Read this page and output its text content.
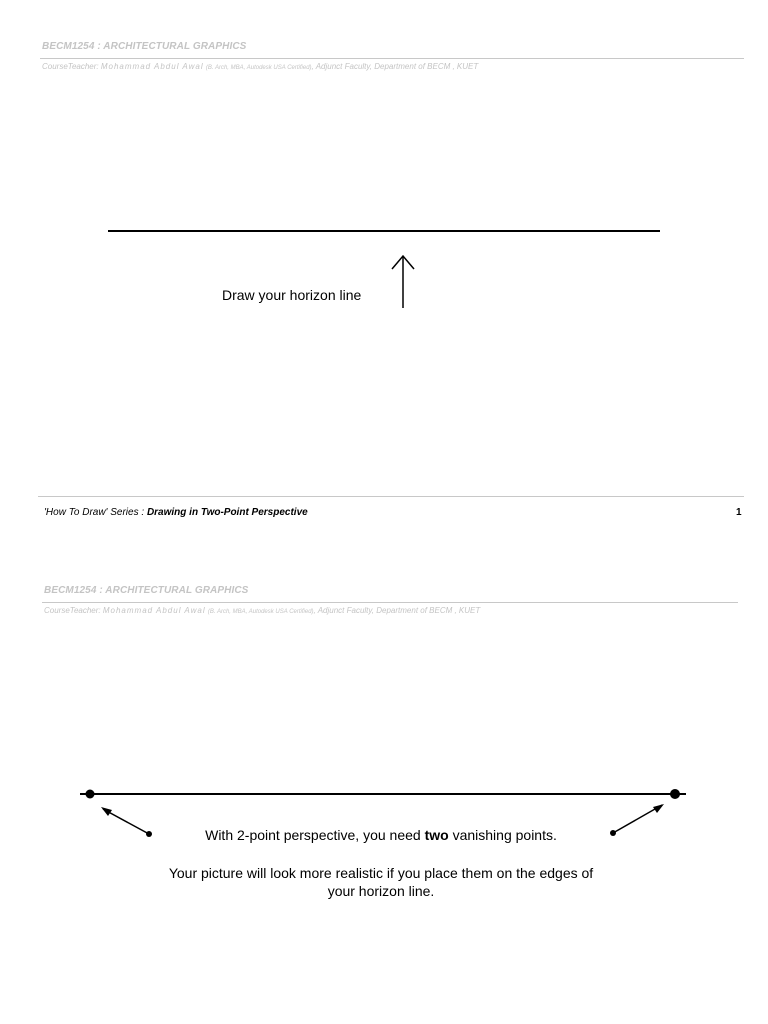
BECM1254 : ARCHITECTURAL GRAPHICS
CourseTeacher: Mohammad Abdul Awal (B. Arch, MBA, Autodesk USA Certified), Adjunct Faculty, Department of BECM , KUET
Draw your horizon line
'How To Draw' Series : Drawing in Two-Point Perspective	1
BECM1254 : ARCHITECTURAL GRAPHICS
CourseTeacher: Mohammad Abdul Awal (B. Arch, MBA, Autodesk USA Certified), Adjunct Faculty, Department of BECM , KUET
With 2-point perspective, you need two vanishing points.
Your picture will look more realistic if you place them on the edges of your horizon line.
